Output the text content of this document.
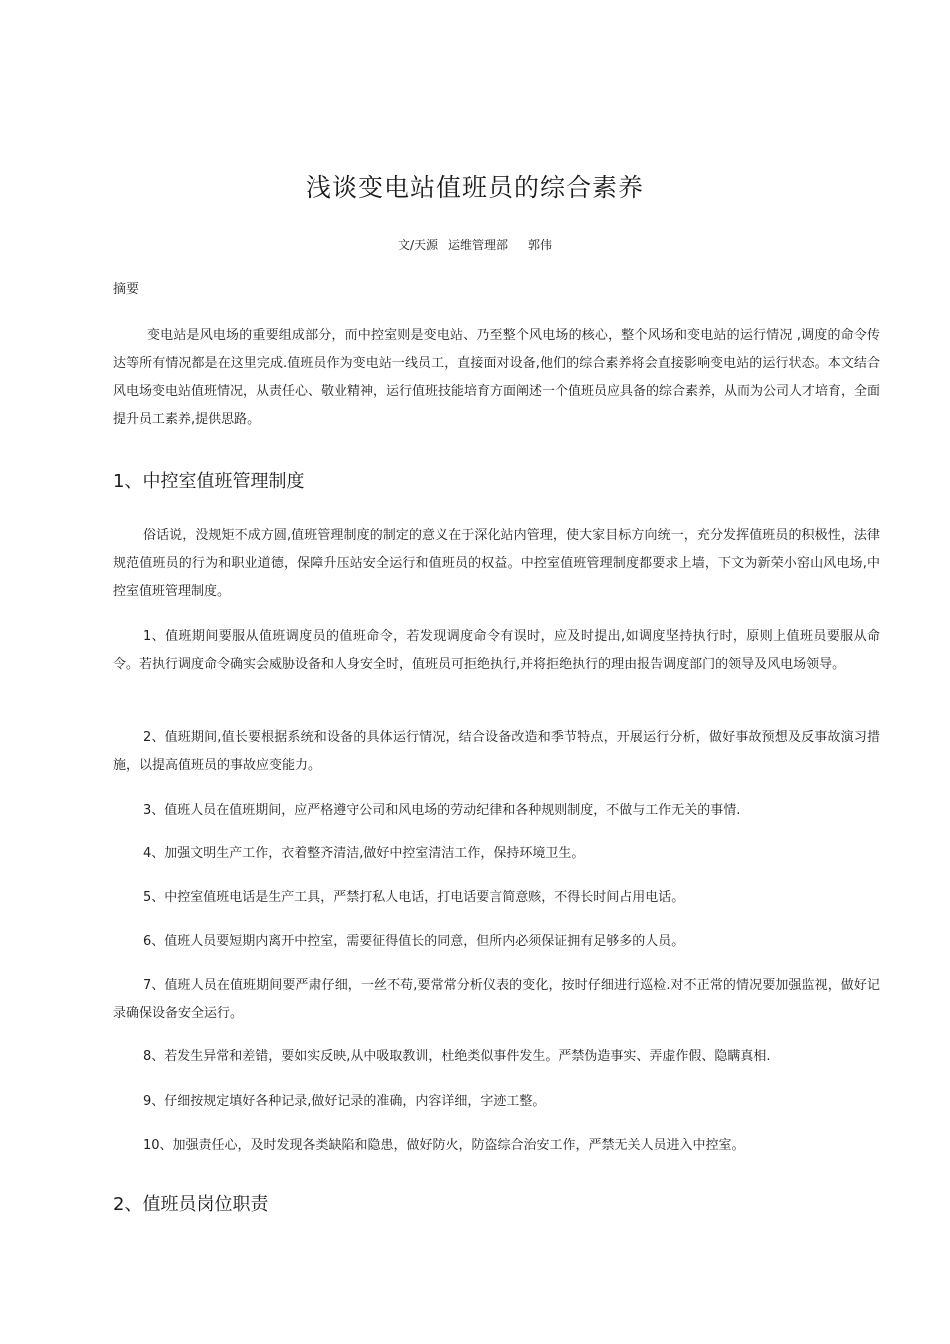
浅谈变电站值班员的综合素养
文/天源 运维管理部 郭伟
摘要

变电站是风电场的重要组成部分，而中控室则是变电站、乃至整个风电场的核心，整个风场和变电站的运行情况 ,调度的命令传达等所有情况都是在这里完成.值班员作为变电站一线员工，直接面对设备,他们的综合素养将会直接影响变电站的运行状态。本文结合风电场变电站值班情况，从责任心、敬业精神，运行值班技能培育方面阐述一个值班员应具备的综合素养，从而为公司人才培育，全面提升员工素养,提供思路。

1、中控室值班管理制度

俗话说，没规矩不成方圆,值班管理制度的制定的意义在于深化站内管理，使大家目标方向统一，充分发挥值班员的积极性，法律规范值班员的行为和职业道德，保障升压站安全运行和值班员的权益。中控室值班管理制度都要求上墙，下文为新荣小窑山风电场,中控室值班管理制度。

1、值班期间要服从值班调度员的值班命令，若发现调度命令有误时，应及时提出,如调度坚持执行时，原则上值班员要服从命令。若执行调度命令确实会威胁设备和人身安全时，值班员可拒绝执行,并将拒绝执行的理由报告调度部门的领导及风电场领导。

2、值班期间,值长要根据系统和设备的具体运行情况，结合设备改造和季节特点，开展运行分析，做好事故预想及反事故演习措施，以提高值班员的事故应变能力。

3、值班人员在值班期间，应严格遵守公司和风电场的劳动纪律和各种规则制度，不做与工作无关的事情.

4、加强文明生产工作，衣着整齐清洁,做好中控室清洁工作，保持环境卫生。

5、中控室值班电话是生产工具，严禁打私人电话，打电话要言简意赅，不得长时间占用电话。

6、值班人员要短期内离开中控室，需要征得值长的同意，但所内必须保证拥有足够多的人员。

7、值班人员在值班期间要严肃仔细，一丝不苟,要常常分析仪表的变化，按时仔细进行巡检.对不正常的情况要加强监视，做好记录确保设备安全运行。

8、若发生异常和差错，要如实反映,从中吸取教训，杜绝类似事件发生。严禁伪造事实、弄虚作假、隐瞒真相.

9、仔细按规定填好各种记录,做好记录的准确，内容详细，字迹工整。

10、加强责任心，及时发现各类缺陷和隐患，做好防火，防盗综合治安工作，严禁无关人员进入中控室。

2、值班员岗位职责
